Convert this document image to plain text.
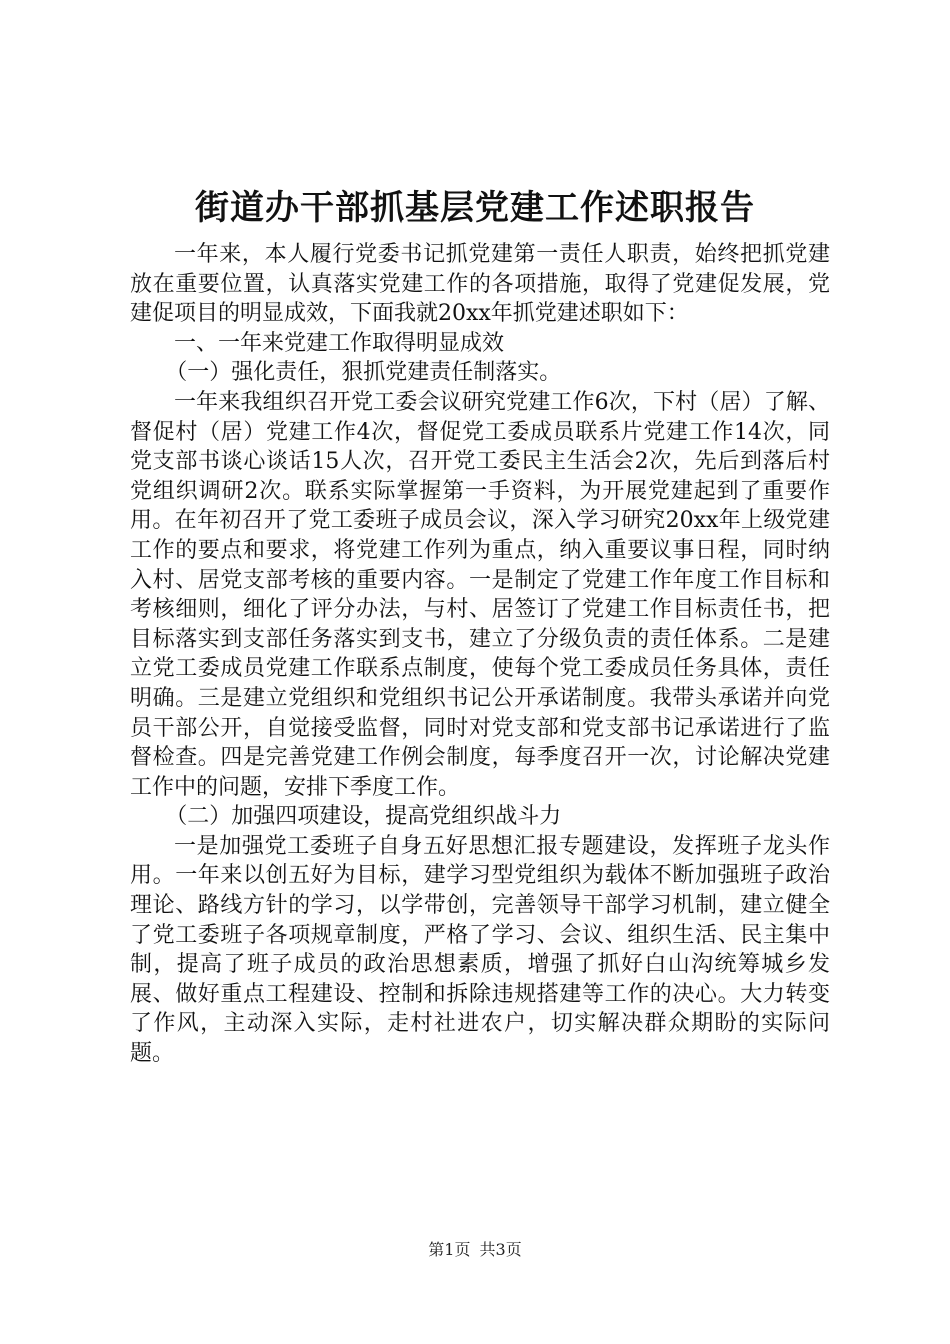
街道办干部抓基层党建工作述职报告

一年来，本人履行党委书记抓党建第一责任人职责，始终把抓党建放在重要位置，认真落实党建工作的各项措施，取得了党建促发展，党建促项目的明显成效，下面我就20xx年抓党建述职如下：

一、一年来党建工作取得明显成效

（一）强化责任，狠抓党建责任制落实。

一年来我组织召开党工委会议研究党建工作6次，下村（居）了解、督促村（居）党建工作4次，督促党工委成员联系片党建工作14次，同党支部书谈心谈话15人次，召开党工委民主生活会2次，先后到落后村党组织调研2次。联系实际掌握第一手资料，为开展党建起到了重要作用。在年初召开了党工委班子成员会议，深入学习研究20xx年上级党建工作的要点和要求，将党建工作列为重点，纳入重要议事日程，同时纳入村、居党支部考核的重要内容。一是制定了党建工作年度工作目标和考核细则，细化了评分办法，与村、居签订了党建工作目标责任书，把目标落实到支部任务落实到支书，建立了分级负责的责任体系。二是建立党工委成员党建工作联系点制度，使每个党工委成员任务具体，责任明确。三是建立党组织和党组织书记公开承诺制度。我带头承诺并向党员干部公开，自觉接受监督，同时对党支部和党支部书记承诺进行了监督检查。四是完善党建工作例会制度，每季度召开一次，讨论解决党建工作中的问题，安排下季度工作。

（二）加强四项建设，提高党组织战斗力

一是加强党工委班子自身五好思想汇报专题建设，发挥班子龙头作用。一年来以创五好为目标，建学习型党组织为载体不断加强班子政治理论、路线方针的学习，以学带创，完善领导干部学习机制，建立健全了党工委班子各项规章制度，严格了学习、会议、组织生活、民主集中制，提高了班子成员的政治思想素质，增强了抓好白山沟统筹城乡发展、做好重点工程建设、控制和拆除违规搭建等工作的决心。大力转变了作风，主动深入实际，走村社进农户，切实解决群众期盼的实际问题。

第1页 共3页
